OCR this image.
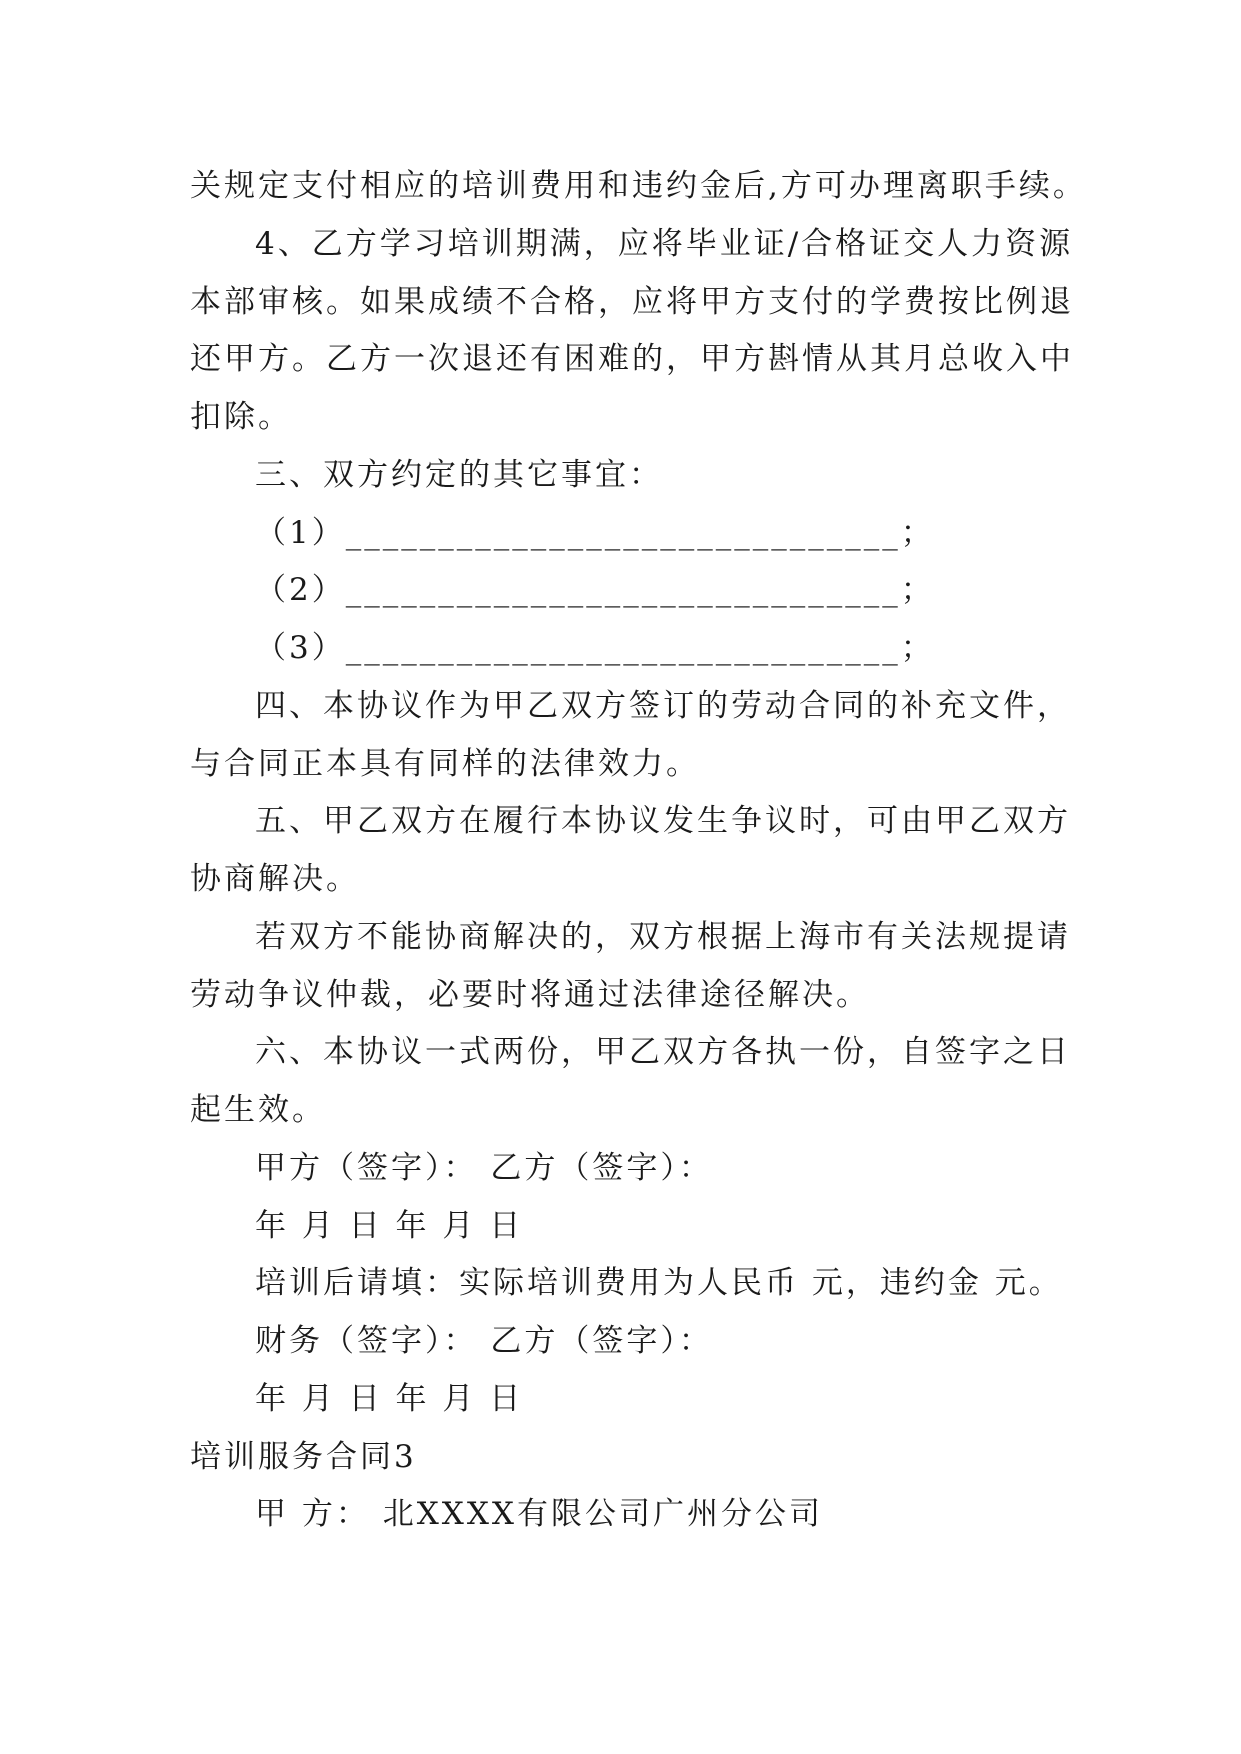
关规定支付相应的培训费用和违约金后,方可办理离职手续。
4、乙方学习培训期满，应将毕业证/合格证交人力资源
本部审核。如果成绩不合格，应将甲方支付的学费按比例退
还甲方。乙方一次退还有困难的，甲方斟情从其月总收入中
扣除。
三、双方约定的其它事宜：
（1）______________________________；
（2）______________________________；
（3）______________________________；
四、本协议作为甲乙双方签订的劳动合同的补充文件，
与合同正本具有同样的法律效力。
五、甲乙双方在履行本协议发生争议时，可由甲乙双方
协商解决。
若双方不能协商解决的，双方根据上海市有关法规提请
劳动争议仲裁，必要时将通过法律途径解决。
六、本协议一式两份，甲乙双方各执一份，自签字之日
起生效。
甲方（签字）： 乙方（签字）：
年 月 日 年 月 日
培训后请填：实际培训费用为人民币 元，违约金 元。
财务（签字）： 乙方（签字）：
年 月 日 年 月 日
培训服务合同3
甲 方： 北XXXX有限公司广州分公司
